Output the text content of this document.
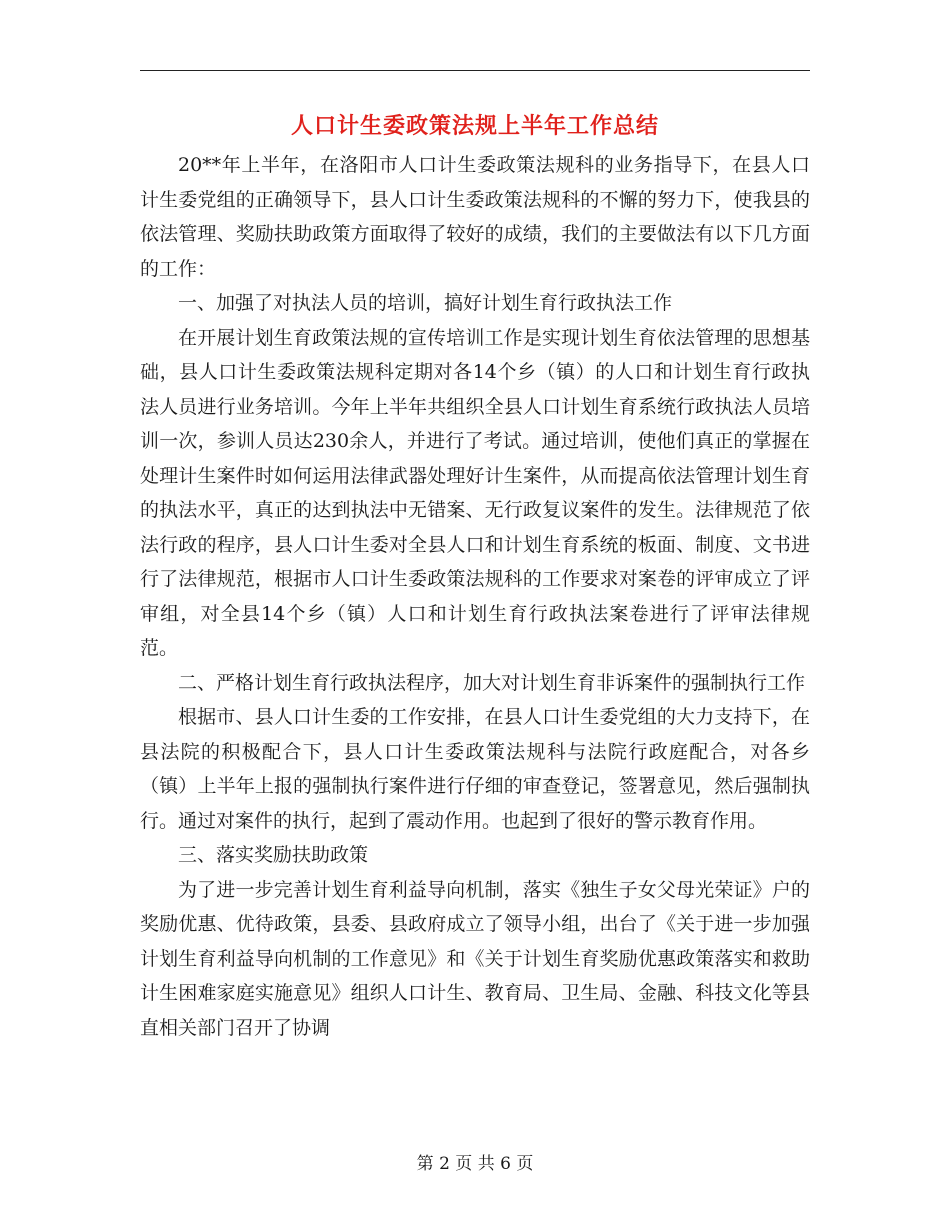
人口计生委政策法规上半年工作总结

20**年上半年，在洛阳市人口计生委政策法规科的业务指导下，在县人口计生委党组的正确领导下，县人口计生委政策法规科的不懈的努力下，使我县的依法管理、奖励扶助政策方面取得了较好的成绩，我们的主要做法有以下几方面的工作：

一、加强了对执法人员的培训，搞好计划生育行政执法工作

在开展计划生育政策法规的宣传培训工作是实现计划生育依法管理的思想基础，县人口计生委政策法规科定期对各14个乡（镇）的人口和计划生育行政执法人员进行业务培训。今年上半年共组织全县人口计划生育系统行政执法人员培训一次，参训人员达230余人，并进行了考试。通过培训，使他们真正的掌握在处理计生案件时如何运用法律武器处理好计生案件，从而提高依法管理计划生育的执法水平，真正的达到执法中无错案、无行政复议案件的发生。法律规范了依法行政的程序，县人口计生委对全县人口和计划生育系统的板面、制度、文书进行了法律规范，根据市人口计生委政策法规科的工作要求对案卷的评审成立了评审组，对全县14个乡（镇）人口和计划生育行政执法案卷进行了评审法律规范。

二、严格计划生育行政执法程序，加大对计划生育非诉案件的强制执行工作

根据市、县人口计生委的工作安排，在县人口计生委党组的大力支持下，在县法院的积极配合下，县人口计生委政策法规科与法院行政庭配合，对各乡（镇）上半年上报的强制执行案件进行仔细的审查登记，签署意见，然后强制执行。通过对案件的执行，起到了震动作用。也起到了很好的警示教育作用。

三、落实奖励扶助政策

为了进一步完善计划生育利益导向机制，落实《独生子女父母光荣证》户的奖励优惠、优待政策，县委、县政府成立了领导小组，出台了《关于进一步加强计划生育利益导向机制的工作意见》和《关于计划生育奖励优惠政策落实和救助计生困难家庭实施意见》组织人口计生、教育局、卫生局、金融、科技文化等县直相关部门召开了协调

第 2 页 共 6 页
